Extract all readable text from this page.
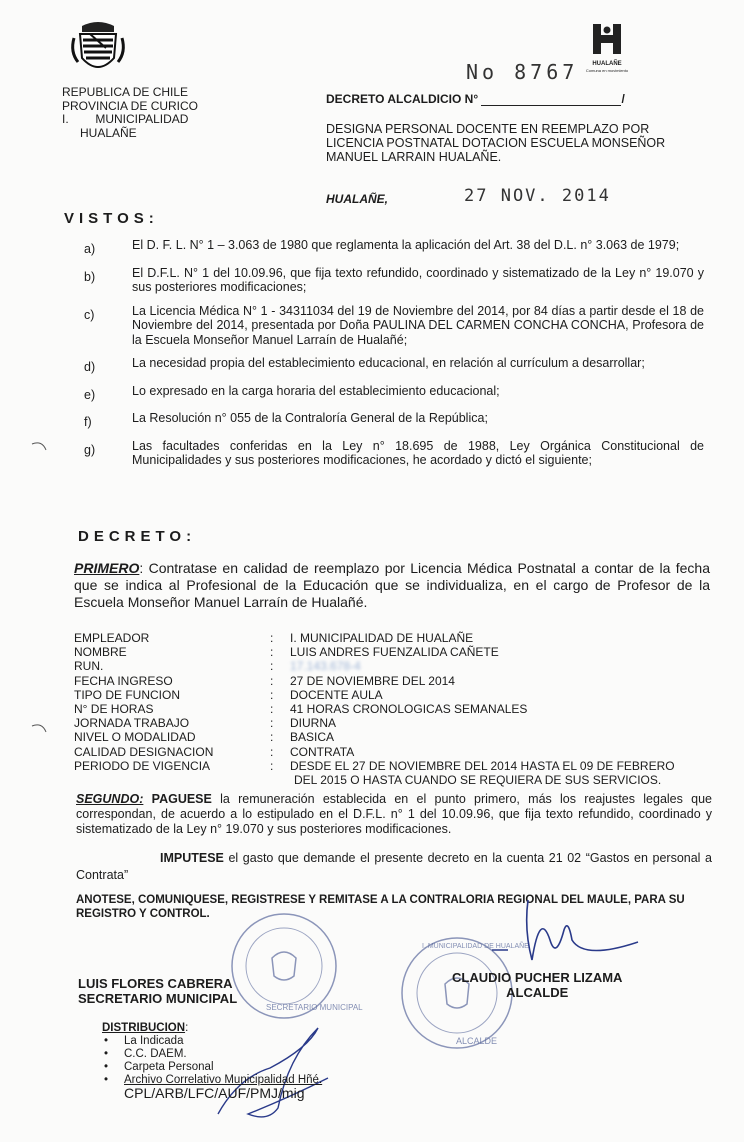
HUALAÑE
Comuna en movimiento
REPUBLICA DE CHILE
PROVINCIA DE CURICO
I.        MUNICIPALIDAD
HUALAÑE
No 8767
DECRETO ALCALDICIO N°	/
DESIGNA PERSONAL DOCENTE EN REEMPLAZO POR LICENCIA POSTNATAL DOTACION ESCUELA MONSEÑOR MANUEL LARRAIN HUALAÑE.
HUALAÑE,	27 NOV. 2014
VISTOS:
a)	El D. F. L. N° 1 – 3.063 de 1980 que reglamenta la aplicación del Art. 38 del D.L. n° 3.063 de 1979;
b)	El D.F.L. N° 1 del 10.09.96, que fija texto refundido, coordinado y sistematizado de la Ley n° 19.070 y sus posteriores modificaciones;
c)	La Licencia Médica N° 1 - 34311034 del 19 de Noviembre del 2014, por 84 días a partir desde el 18 de Noviembre del 2014, presentada por Doña PAULINA DEL CARMEN CONCHA CONCHA, Profesora de la Escuela Monseñor Manuel Larraín de Hualañé;
d)	La necesidad propia del establecimiento educacional, en relación al currículum a desarrollar;
e)	Lo expresado en la carga horaria del establecimiento educacional;
f)	La Resolución n° 055 de la Contraloría General de la República;
g)	Las facultades conferidas en la Ley n° 18.695 de 1988, Ley Orgánica Constitucional de Municipalidades y sus posteriores modificaciones, he acordado y dictó el siguiente;
DECRETO:
PRIMERO: Contratase en calidad de reemplazo por Licencia Médica Postnatal a contar de la fecha que se indica al Profesional de la Educación que se individualiza, en el cargo de Profesor de la Escuela Monseñor Manuel Larraín de Hualañé.
EMPLEADOR	:	I. MUNICIPALIDAD DE HUALAÑE
NOMBRE	:	LUIS ANDRES FUENZALIDA CAÑETE
RUN.	:	17.143.678-4
FECHA INGRESO	:	27 DE NOVIEMBRE DEL 2014
TIPO DE FUNCION	:	DOCENTE AULA
N° DE HORAS	:	41 HORAS CRONOLOGICAS SEMANALES
JORNADA TRABAJO	:	DIURNA
NIVEL O MODALIDAD	:	BASICA
CALIDAD DESIGNACION	:	CONTRATA
PERIODO DE VIGENCIA	:	DESDE EL 27 DE NOVIEMBRE DEL 2014 HASTA EL 09 DE FEBRERO
DEL 2015 O HASTA CUANDO SE REQUIERA DE SUS SERVICIOS.
SEGUNDO: PAGUESE la remuneración establecida en el punto primero, más los reajustes legales que correspondan, de acuerdo a lo estipulado en el D.F.L. n° 1 del 10.09.96, que fija texto refundido, coordinado y sistematizado de la Ley n° 19.070 y sus posteriores modificaciones.
IMPUTESE el gasto que demande el presente decreto en la cuenta 21 02 “Gastos en personal a Contrata”
ANOTESE, COMUNIQUESE, REGISTRESE Y REMITASE A LA CONTRALORIA REGIONAL DEL MAULE, PARA SU REGISTRO Y CONTROL.
SECRETARIO MUNICIPAL
I. MUNICIPALIDAD DE HUALAÑE
ALCALDE
LUIS FLORES CABRERA
SECRETARIO MUNICIPAL
CLAUDIO PUCHER LIZAMA
ALCALDE
DISTRIBUCION:
• La Indicada
• C.C. DAEM.
• Carpeta Personal
• Archivo Correlativo Municipalidad Hñé.
CPL/ARB/LFC/AUF/PMJ/mig
